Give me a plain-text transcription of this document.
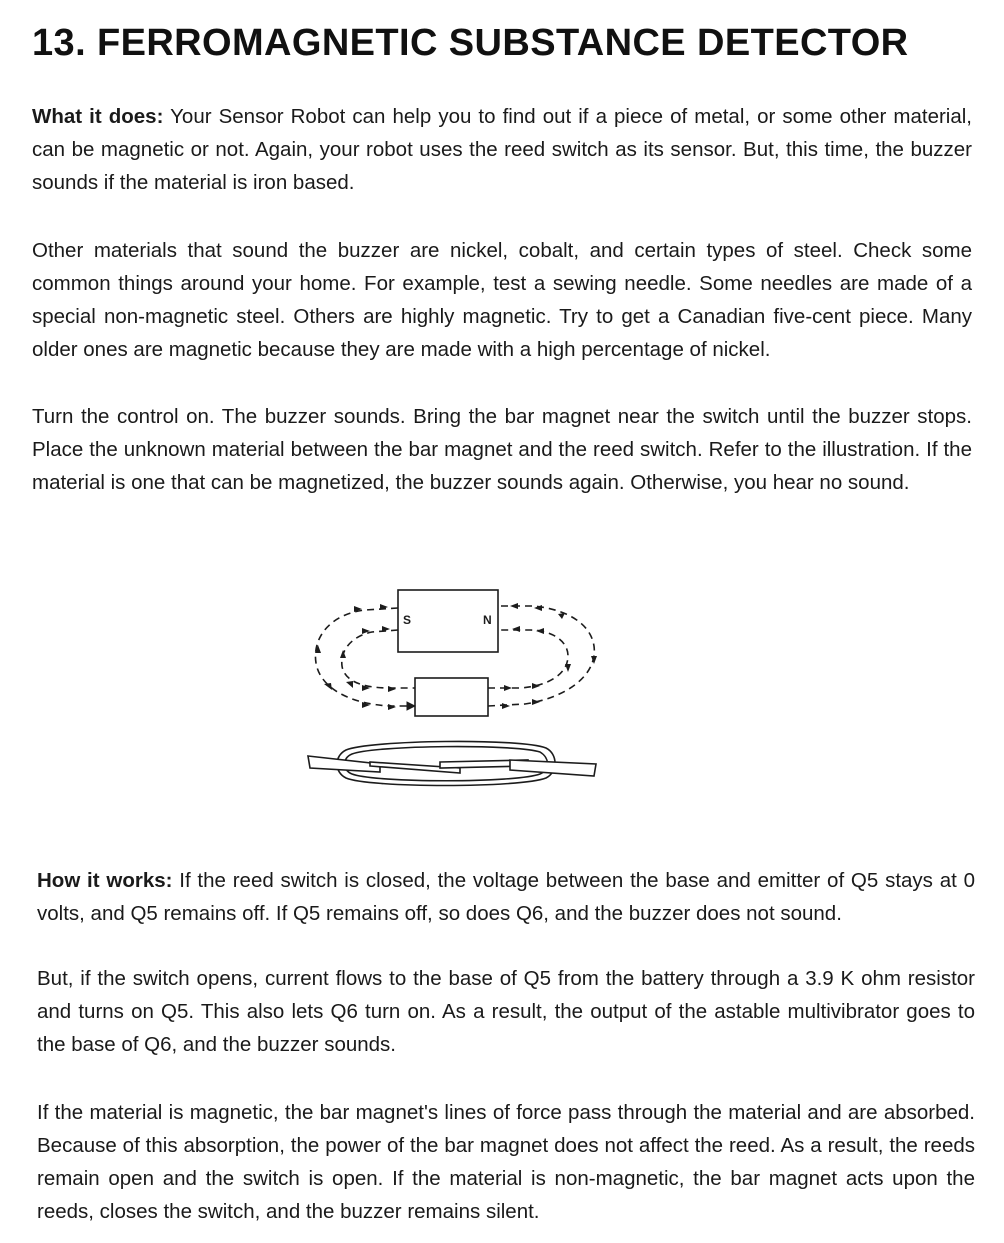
13. FERROMAGNETIC SUBSTANCE DETECTOR

What it does: Your Sensor Robot can help you to find out if a piece of metal, or some other material, can be magnetic or not. Again, your robot uses the reed switch as its sensor. But, this time, the buzzer sounds if the material is iron based.

Other materials that sound the buzzer are nickel, cobalt, and certain types of steel. Check some common things around your home. For example, test a sewing needle. Some needles are made of a special non-magnetic steel. Others are highly magnetic. Try to get a Canadian five-cent piece. Many older ones are magnetic because they are made with a high percentage of nickel.

Turn the control on. The buzzer sounds. Bring the bar magnet near the switch until the buzzer stops. Place the unknown material between the bar magnet and the reed switch. Refer to the illustration. If the material is one that can be magnetized, the buzzer sounds again. Otherwise, you hear no sound.

S	N

How it works: If the reed switch is closed, the voltage between the base and emitter of Q5 stays at 0 volts, and Q5 remains off. If Q5 remains off, so does Q6, and the buzzer does not sound.

But, if the switch opens, current flows to the base of Q5 from the battery through a 3.9 K ohm resistor and turns on Q5. This also lets Q6 turn on. As a result, the output of the astable multivibrator goes to the base of Q6, and the buzzer sounds.

If the material is magnetic, the bar magnet's lines of force pass through the material and are absorbed. Because of this absorption, the power of the bar magnet does not affect the reed. As a result, the reeds remain open and the switch is open. If the material is non-magnetic, the bar magnet acts upon the reeds, closes the switch, and the buzzer remains silent.
